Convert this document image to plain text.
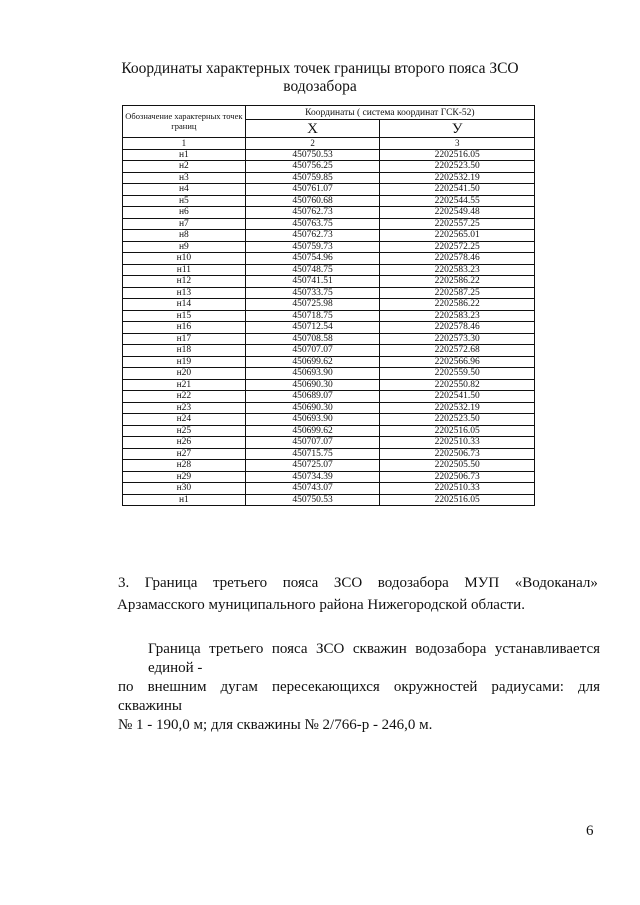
Координаты характерных точек границы второго пояса ЗСО
водозабора
Обозначение характерных точек границ	Координаты ( система координат ГСК-52)	
	X	У
1	2	3
н1	450750.53	2202516.05
н2	450756.25	2202523.50
н3	450759.85	2202532.19
н4	450761.07	2202541.50
н5	450760.68	2202544.55
н6	450762.73	2202549.48
н7	450763.75	2202557.25
н8	450762.73	2202565.01
н9	450759.73	2202572.25
н10	450754.96	2202578.46
н11	450748.75	2202583.23
н12	450741.51	2202586.22
н13	450733.75	2202587.25
н14	450725.98	2202586.22
н15	450718.75	2202583.23
н16	450712.54	2202578.46
н17	450708.58	2202573.30
н18	450707.07	2202572.68
н19	450699.62	2202566.96
н20	450693.90	2202559.50
н21	450690.30	2202550.82
н22	450689.07	2202541.50
н23	450690.30	2202532.19
н24	450693.90	2202523.50
н25	450699.62	2202516.05
н26	450707.07	2202510.33
н27	450715.75	2202506.73
н28	450725.07	2202505.50
н29	450734.39	2202506.73
н30	450743.07	2202510.33
н1	450750.53	2202516.05
3. Граница третьего пояса ЗСО водозабора МУП «Водоканал»
Арзамасского муниципального района Нижегородской области.
Граница третьего пояса ЗСО скважин водозабора устанавливается единой -
по внешним дугам пересекающихся окружностей радиусами: для скважины
№ 1 - 190,0 м; для скважины № 2/766-р - 246,0 м.
6
